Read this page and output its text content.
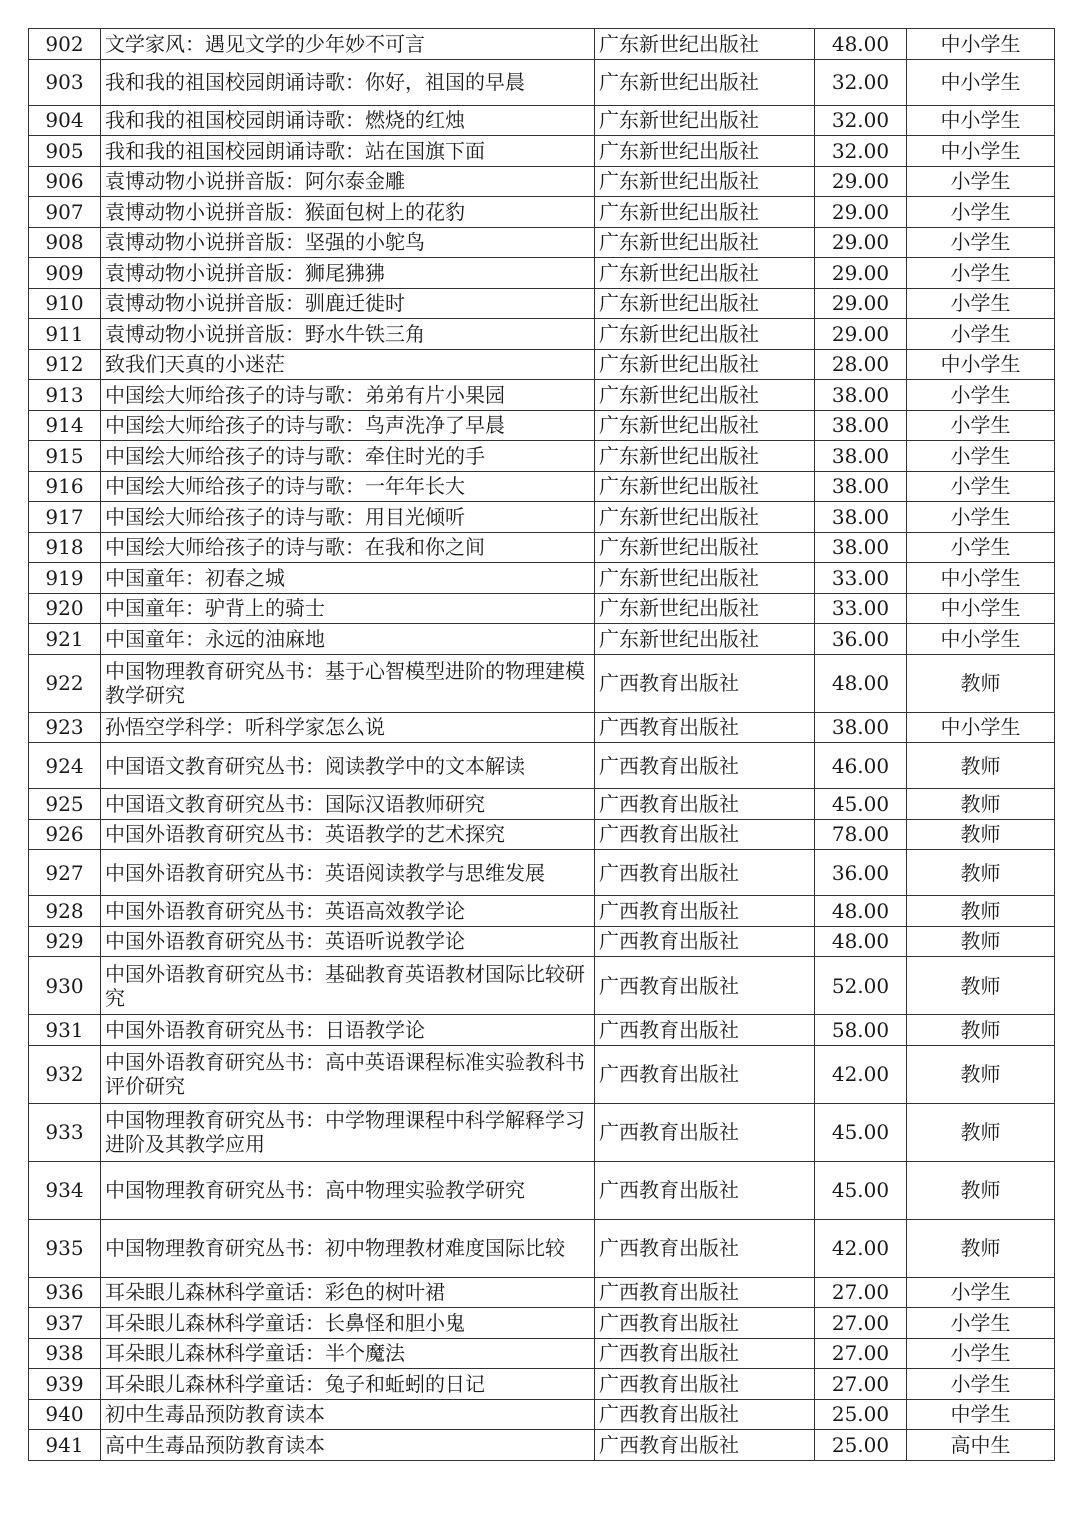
902	文学家风：遇见文学的少年妙不可言	广东新世纪出版社	48.00	中小学生
903	我和我的祖国校园朗诵诗歌：你好，祖国的早晨	广东新世纪出版社	32.00	中小学生
904	我和我的祖国校园朗诵诗歌：燃烧的红烛	广东新世纪出版社	32.00	中小学生
905	我和我的祖国校园朗诵诗歌：站在国旗下面	广东新世纪出版社	32.00	中小学生
906	袁博动物小说拼音版：阿尔泰金雕	广东新世纪出版社	29.00	小学生
907	袁博动物小说拼音版：猴面包树上的花豹	广东新世纪出版社	29.00	小学生
908	袁博动物小说拼音版：坚强的小鸵鸟	广东新世纪出版社	29.00	小学生
909	袁博动物小说拼音版：狮尾狒狒	广东新世纪出版社	29.00	小学生
910	袁博动物小说拼音版：驯鹿迁徙时	广东新世纪出版社	29.00	小学生
911	袁博动物小说拼音版：野水牛铁三角	广东新世纪出版社	29.00	小学生
912	致我们天真的小迷茫	广东新世纪出版社	28.00	中小学生
913	中国绘大师给孩子的诗与歌：弟弟有片小果园	广东新世纪出版社	38.00	小学生
914	中国绘大师给孩子的诗与歌：鸟声洗净了早晨	广东新世纪出版社	38.00	小学生
915	中国绘大师给孩子的诗与歌：牵住时光的手	广东新世纪出版社	38.00	小学生
916	中国绘大师给孩子的诗与歌：一年年长大	广东新世纪出版社	38.00	小学生
917	中国绘大师给孩子的诗与歌：用目光倾听	广东新世纪出版社	38.00	小学生
918	中国绘大师给孩子的诗与歌：在我和你之间	广东新世纪出版社	38.00	小学生
919	中国童年：初春之城	广东新世纪出版社	33.00	中小学生
920	中国童年：驴背上的骑士	广东新世纪出版社	33.00	中小学生
921	中国童年：永远的油麻地	广东新世纪出版社	36.00	中小学生
922	中国物理教育研究丛书：基于心智模型进阶的物理建模教学研究	广西教育出版社	48.00	教师
923	孙悟空学科学：听科学家怎么说	广西教育出版社	38.00	中小学生
924	中国语文教育研究丛书：阅读教学中的文本解读	广西教育出版社	46.00	教师
925	中国语文教育研究丛书：国际汉语教师研究	广西教育出版社	45.00	教师
926	中国外语教育研究丛书：英语教学的艺术探究	广西教育出版社	78.00	教师
927	中国外语教育研究丛书：英语阅读教学与思维发展	广西教育出版社	36.00	教师
928	中国外语教育研究丛书：英语高效教学论	广西教育出版社	48.00	教师
929	中国外语教育研究丛书：英语听说教学论	广西教育出版社	48.00	教师
930	中国外语教育研究丛书：基础教育英语教材国际比较研究	广西教育出版社	52.00	教师
931	中国外语教育研究丛书：日语教学论	广西教育出版社	58.00	教师
932	中国外语教育研究丛书：高中英语课程标准实验教科书评价研究	广西教育出版社	42.00	教师
933	中国物理教育研究丛书：中学物理课程中科学解释学习进阶及其教学应用	广西教育出版社	45.00	教师
934	中国物理教育研究丛书：高中物理实验教学研究	广西教育出版社	45.00	教师
935	中国物理教育研究丛书：初中物理教材难度国际比较	广西教育出版社	42.00	教师
936	耳朵眼儿森林科学童话：彩色的树叶裙	广西教育出版社	27.00	小学生
937	耳朵眼儿森林科学童话：长鼻怪和胆小鬼	广西教育出版社	27.00	小学生
938	耳朵眼儿森林科学童话：半个魔法	广西教育出版社	27.00	小学生
939	耳朵眼儿森林科学童话：兔子和蚯蚓的日记	广西教育出版社	27.00	小学生
940	初中生毒品预防教育读本	广西教育出版社	25.00	中学生
941	高中生毒品预防教育读本	广西教育出版社	25.00	高中生
